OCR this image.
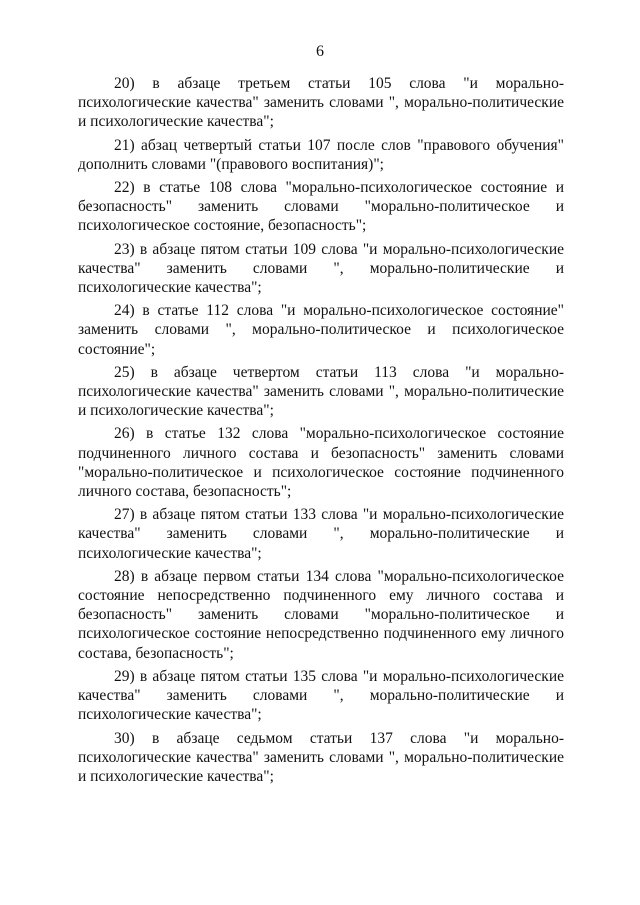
6

20) в абзаце третьем статьи 105 слова "и морально-психологические качества" заменить словами ", морально-политические и психологические качества";

21) абзац четвертый статьи 107 после слов "правового обучения" дополнить словами "(правового воспитания)";

22) в статье 108 слова "морально-психологическое состояние и безопасность" заменить словами "морально-политическое и психологическое состояние, безопасность";

23) в абзаце пятом статьи 109 слова "и морально-психологические качества" заменить словами ", морально-политические и психологические качества";

24) в статье 112 слова "и морально-психологическое состояние" заменить словами ", морально-политическое и психологическое состояние";

25) в абзаце четвертом статьи 113 слова "и морально-психологические качества" заменить словами ", морально-политические и психологические качества";

26) в статье 132 слова "морально-психологическое состояние подчиненного личного состава и безопасность" заменить словами "морально-политическое и психологическое состояние подчиненного личного состава, безопасность";

27) в абзаце пятом статьи 133 слова "и морально-психологические качества" заменить словами ", морально-политические и психологические качества";

28) в абзаце первом статьи 134 слова "морально-психологическое состояние непосредственно подчиненного ему личного состава и безопасность" заменить словами "морально-политическое и психологическое состояние непосредственно подчиненного ему личного состава, безопасность";

29) в абзаце пятом статьи 135 слова "и морально-психологические качества" заменить словами ", морально-политические и психологические качества";

30) в абзаце седьмом статьи 137 слова "и морально-психологические качества" заменить словами ", морально-политические и психологические качества";
